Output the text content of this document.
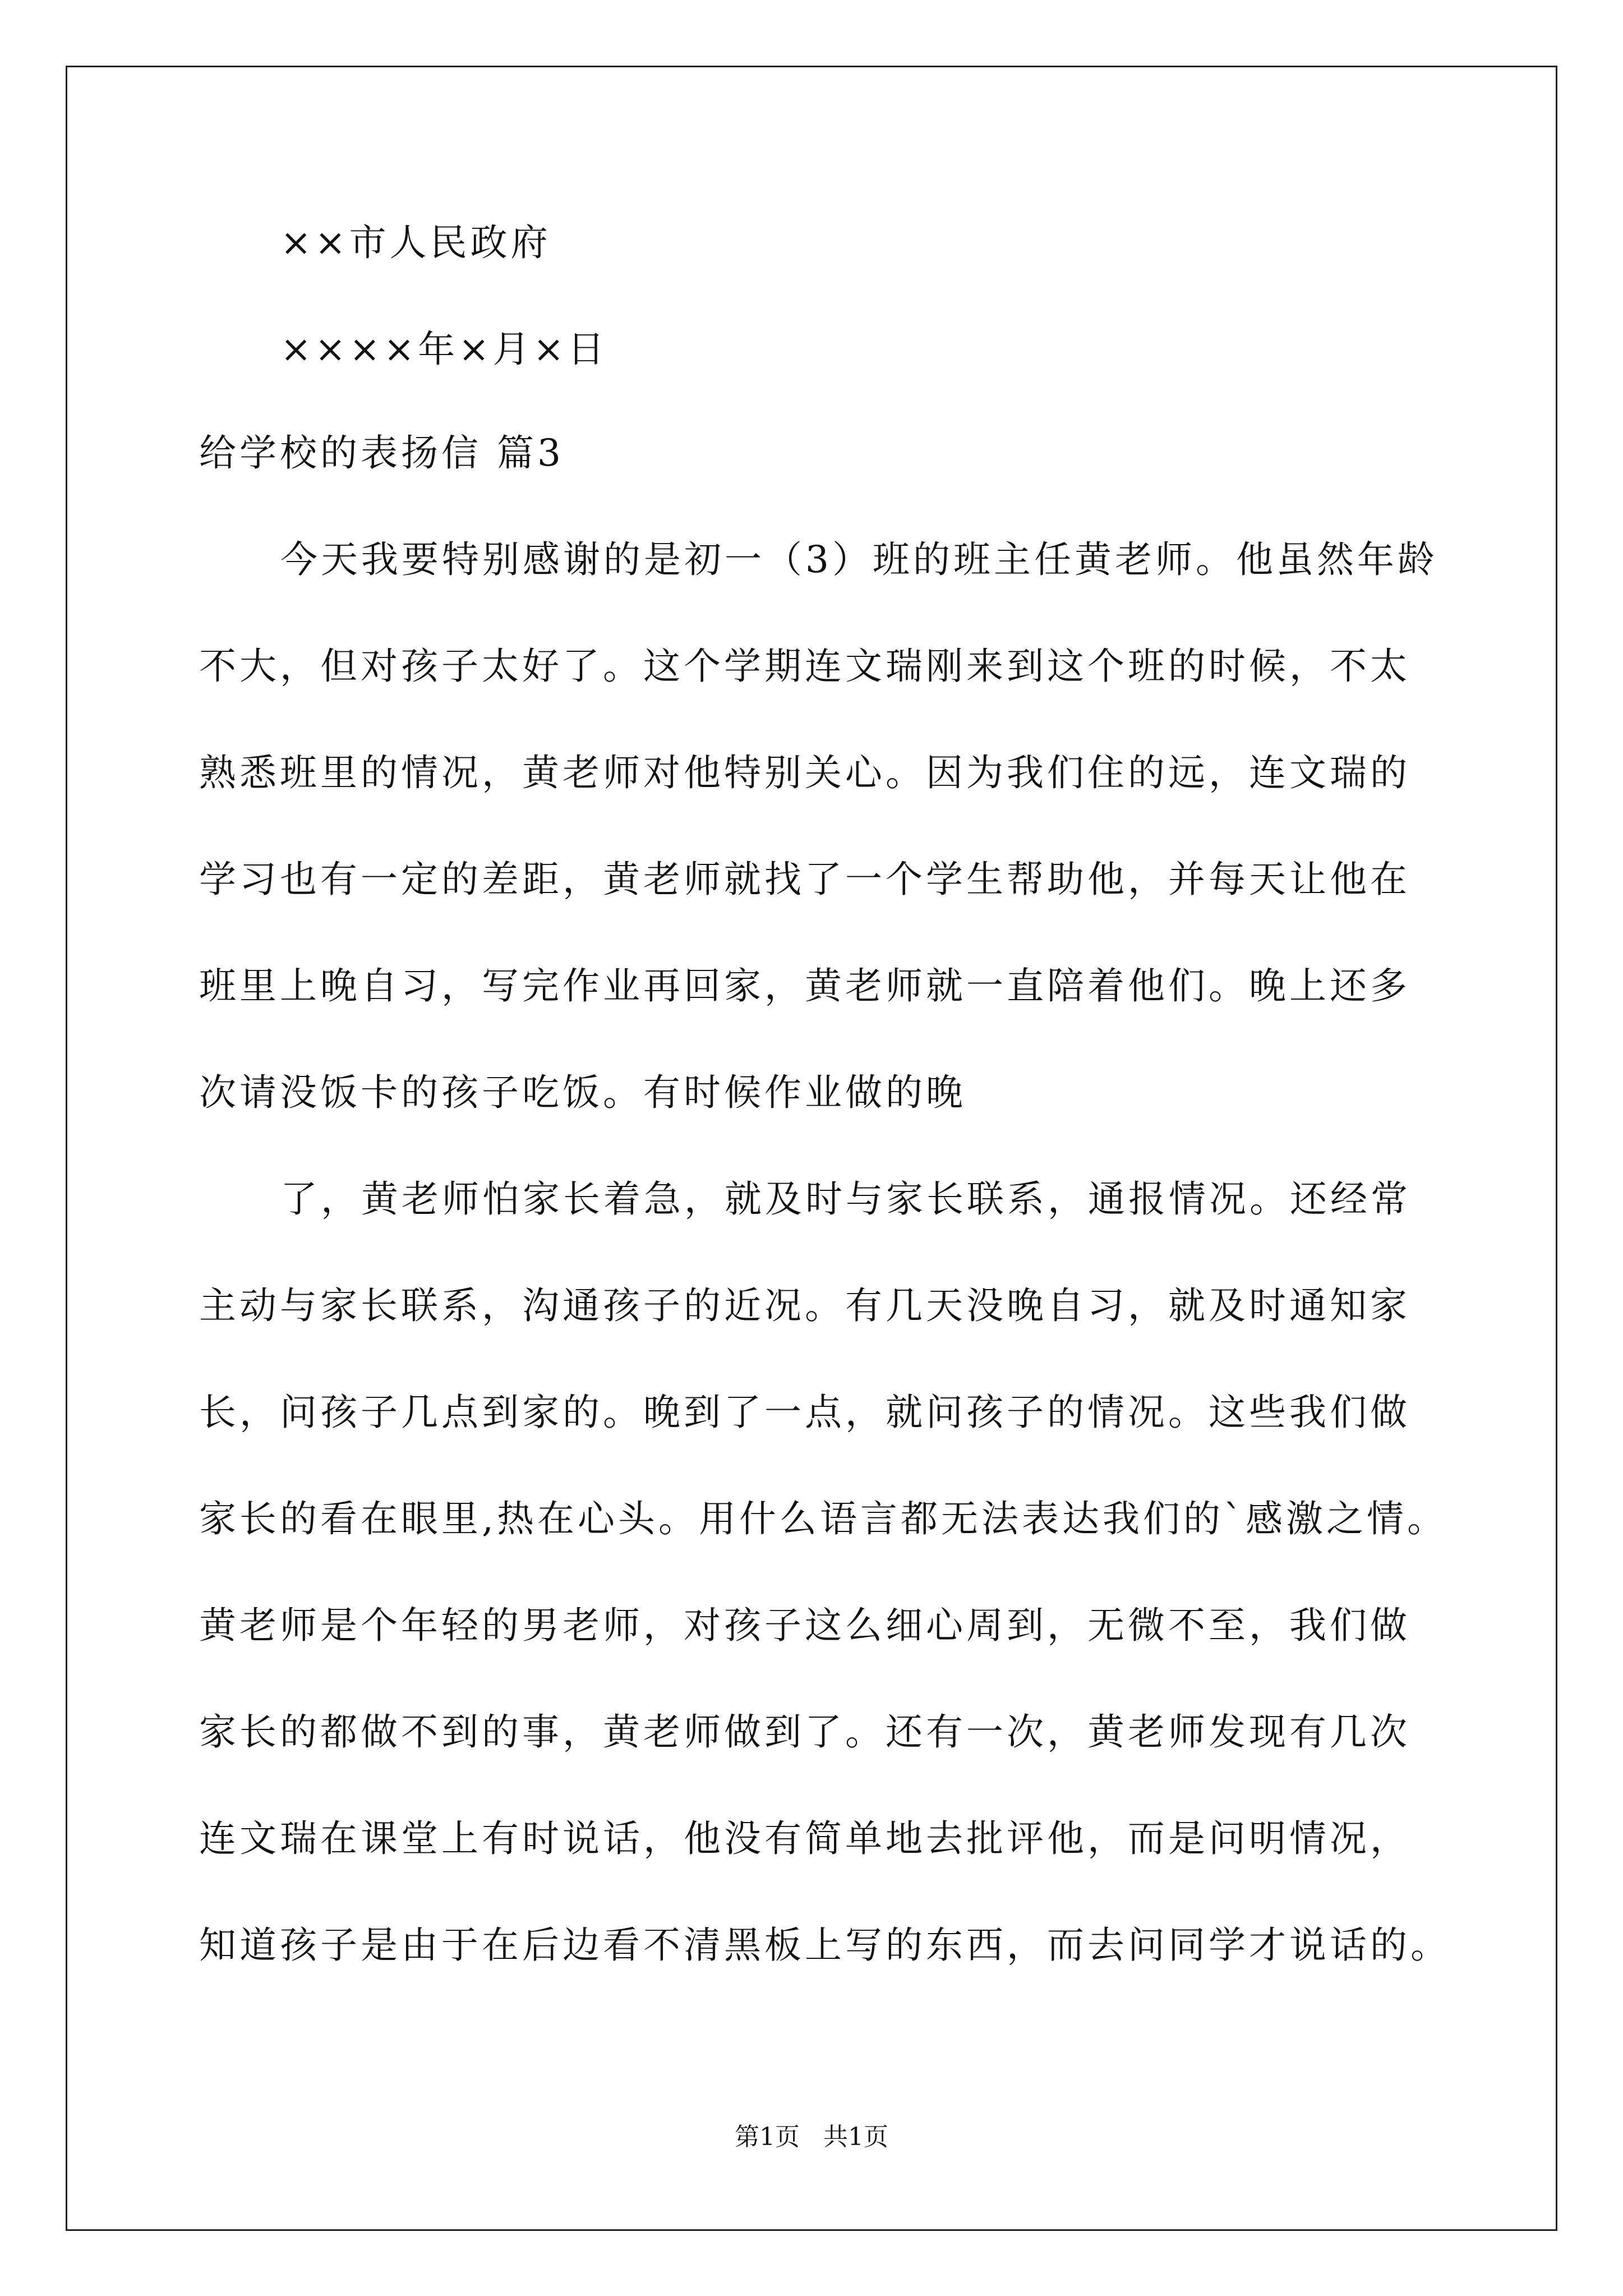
××市人民政府
××××年×月×日
给学校的表扬信 篇3
今天我要特别感谢的是初一（3）班的班主任黄老师。他虽然年龄
不大，但对孩子太好了。这个学期连文瑞刚来到这个班的时候，不太
熟悉班里的情况，黄老师对他特别关心。因为我们住的远，连文瑞的
学习也有一定的差距，黄老师就找了一个学生帮助他，并每天让他在
班里上晚自习，写完作业再回家，黄老师就一直陪着他们。晚上还多
次请没饭卡的孩子吃饭。有时候作业做的晚
了，黄老师怕家长着急，就及时与家长联系，通报情况。还经常
主动与家长联系，沟通孩子的近况。有几天没晚自习，就及时通知家
长，问孩子几点到家的。晚到了一点，就问孩子的情况。这些我们做
家长的看在眼里,热在心头。用什么语言都无法表达我们的`感激之情。
黄老师是个年轻的男老师，对孩子这么细心周到，无微不至，我们做
家长的都做不到的事，黄老师做到了。还有一次，黄老师发现有几次
连文瑞在课堂上有时说话，他没有简单地去批评他，而是问明情况，
知道孩子是由于在后边看不清黑板上写的东西，而去问同学才说话的。
第1页   共1页
